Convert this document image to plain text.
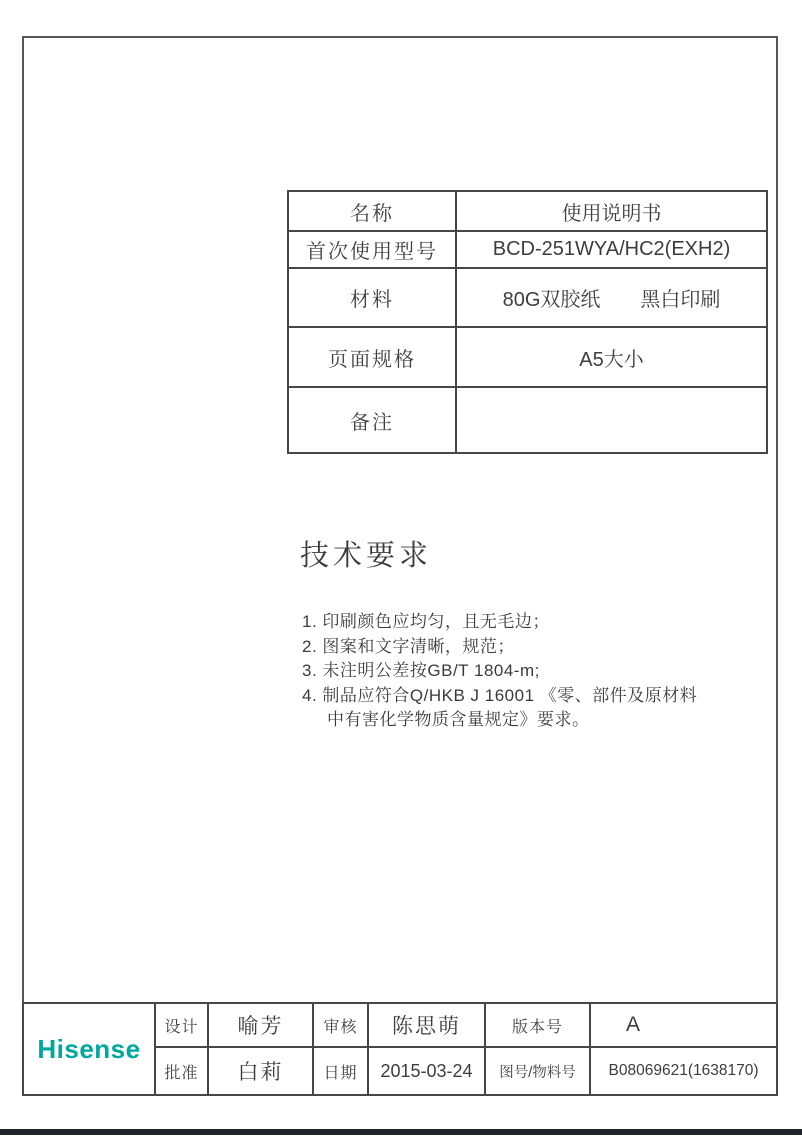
名称	使用说明书
首次使用型号	BCD-251WYA/HC2(EXH2)
材料	80G双胶纸　　黑白印刷
页面规格	A5大小
备注
技术要求
1. 印刷颜色应均匀，且无毛边；
2. 图案和文字清晰，规范；
3. 未注明公差按GB/T 1804-m;
4. 制品应符合Q/HKB J 16001 《零、部件及原材料
中有害化学物质含量规定》要求。
Hisense
设计	喻芳	审核	陈思萌	版本号	A
批准	白莉	日期	2015-03-24	图号/物料号	B08069621(1638170)
